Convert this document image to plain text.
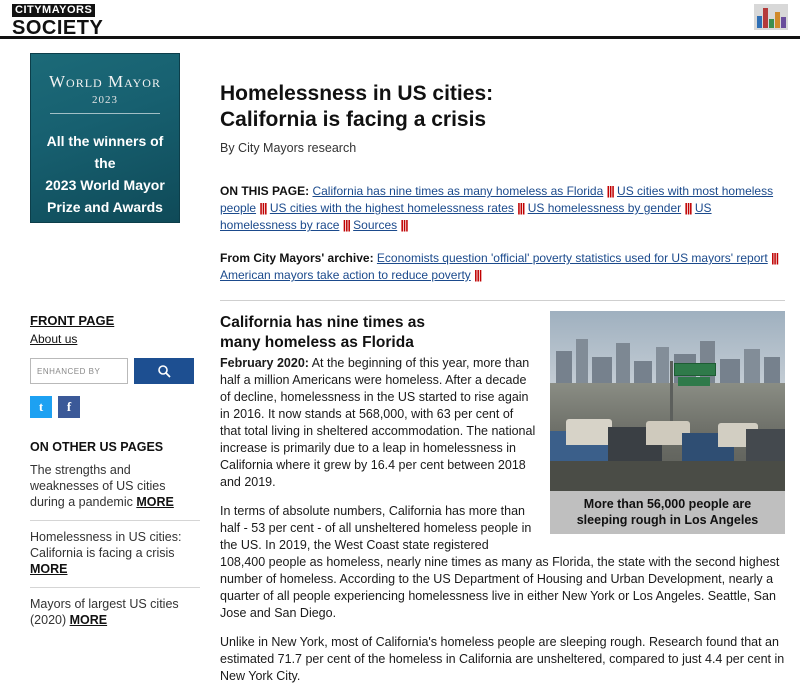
CITYMAYORS
SOCIETY
World Mayor
2023
All the winners of the
2023 World Mayor
Prize and Awards
FRONT PAGE
About us
ENHANCED BY
t	f
ON OTHER US PAGES
The strengths and weaknesses of US cities during a pandemic MORE
Homelessness in US cities: California is facing a crisis MORE
Mayors of largest US cities (2020) MORE
Homelessness in US cities:
California is facing a crisis
By City Mayors research
ON THIS PAGE: California has nine times as many homeless as Florida ||| US cities with most homeless people ||| US cities with the highest homelessness rates ||| US homelessness by gender ||| US homelessness by race ||| Sources |||
From City Mayors' archive: Economists question 'official' poverty statistics used for US mayors' report ||| American mayors take action to reduce poverty |||
More than 56,000 people are
sleeping rough in Los Angeles
California has nine times as
many homeless as Florida

February 2020: At the beginning of this year, more than half a million Americans were homeless. After a decade of decline, homelessness in the US started to rise again in 2016. It now stands at 568,000, with 63 per cent of that total living in sheltered accommodation. The national increase is primarily due to a leap in homelessness in California where it grew by 16.4 per cent between 2018 and 2019.

In terms of absolute numbers, California has more than half - 53 per cent - of all unsheltered homeless people in the US. In 2019, the West Coast state registered 108,400 people as homeless, nearly nine times as many as Florida, the state with the second highest number of homeless. According to the US Department of Housing and Urban Development, nearly a quarter of all people experiencing homelessness live in either New York or Los Angeles. Seattle, San Jose and San Diego.

Unlike in New York, most of California's homeless people are sleeping rough. Research found that an estimated 71.7 per cent of the homeless in California are unsheltered, compared to just 4.4 per cent in New York City.
